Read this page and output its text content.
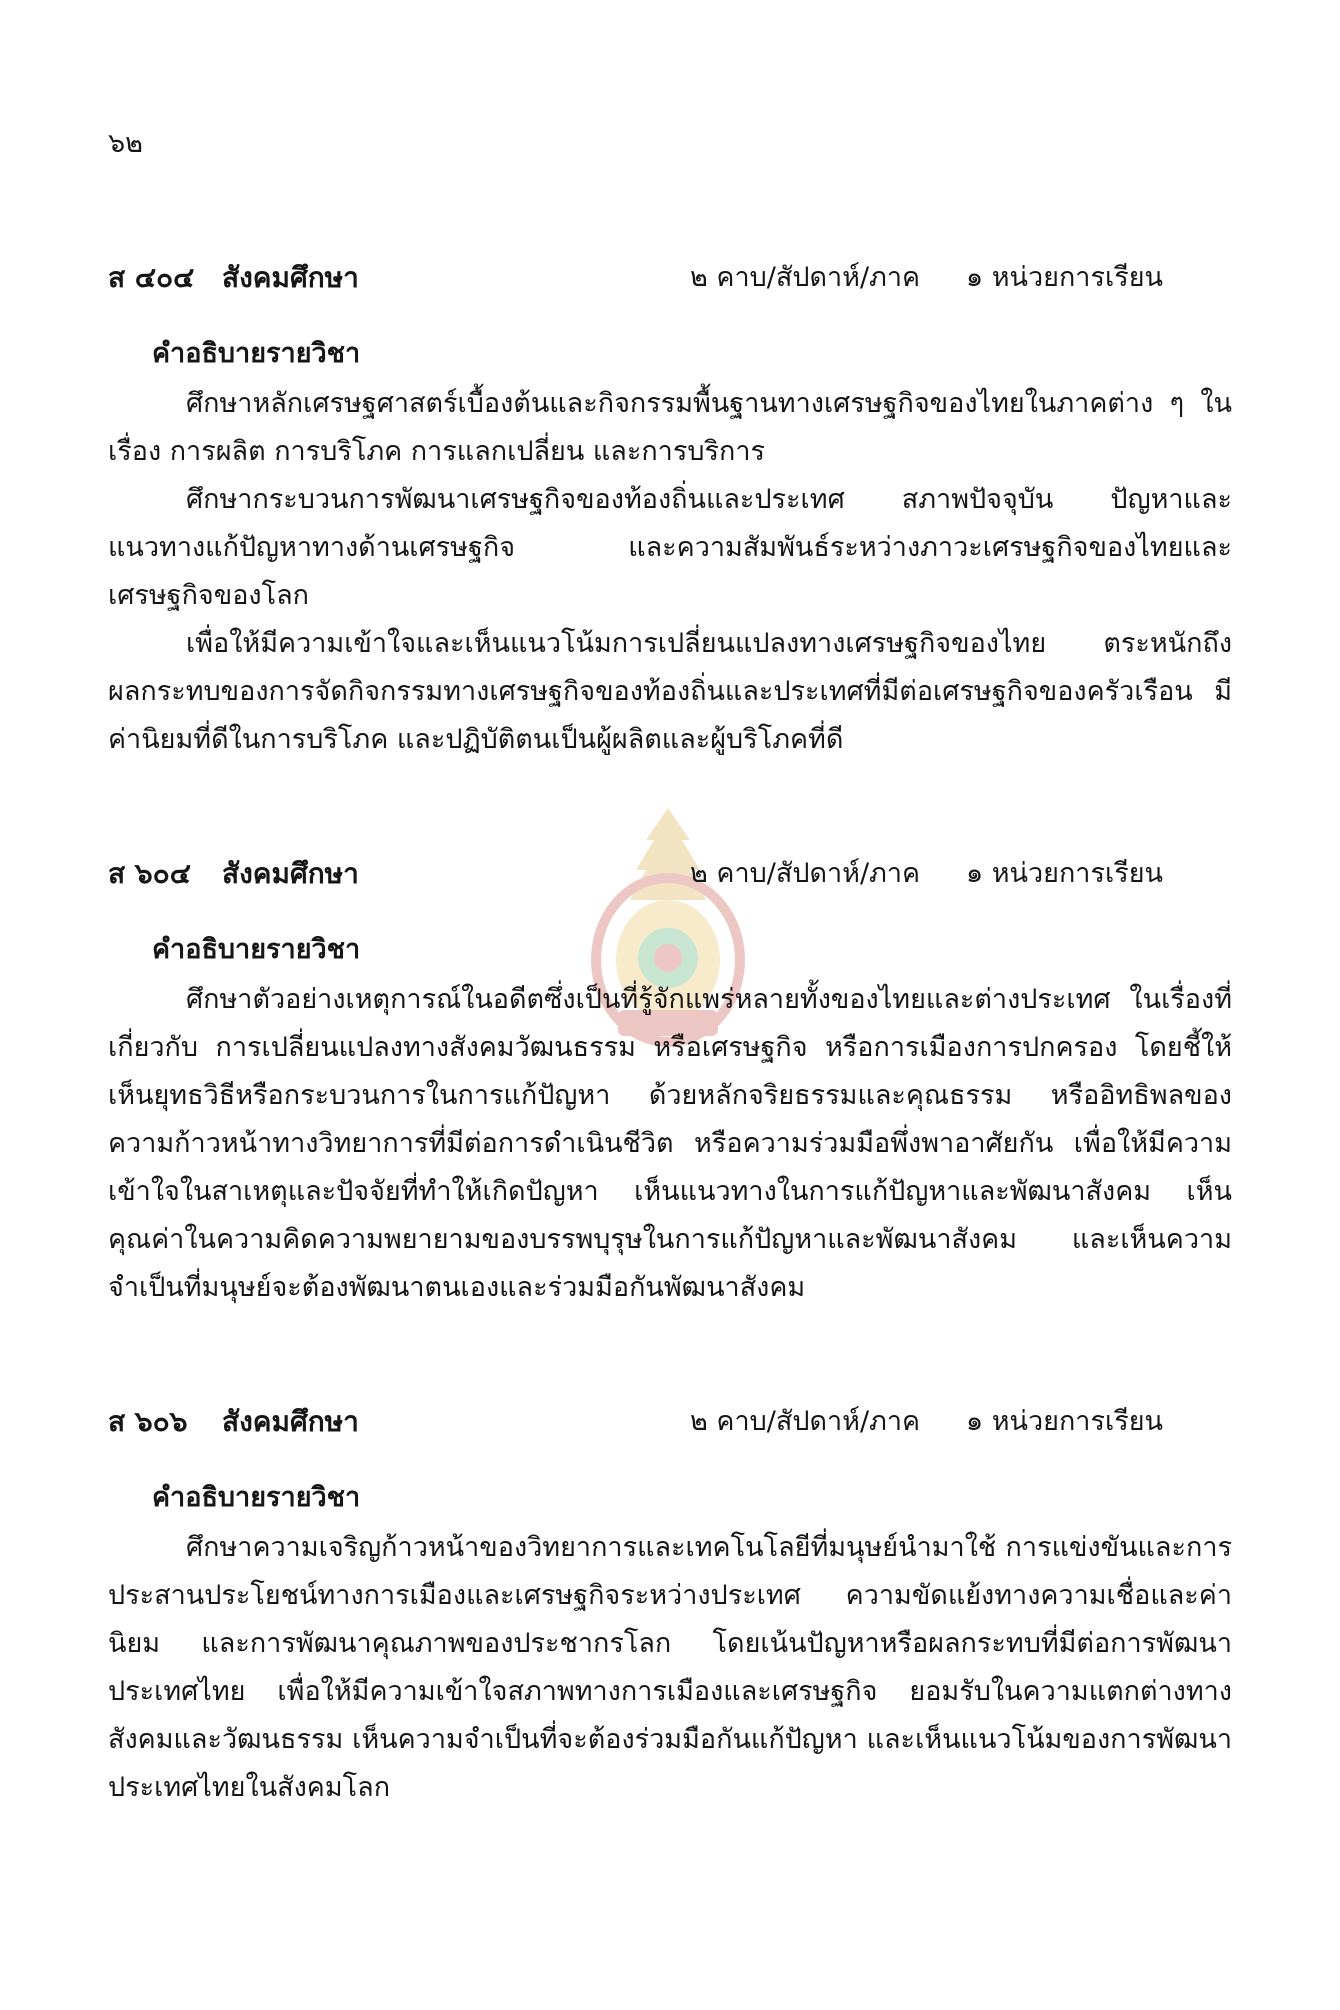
๖๒
ส ๔๐๔ สังคมศึกษา	๒ คาบ/สัปดาห์/ภาค ๑ หน่วยการเรียน
คำอธิบายรายวิชา

ศึกษาหลักเศรษฐศาสตร์เบื้องต้นและกิจกรรมพื้นฐานทางเศรษฐกิจของไทยในภาคต่าง ๆ ในเรื่อง การผลิต การบริโภค การแลกเปลี่ยน และการบริการ

ศึกษากระบวนการพัฒนาเศรษฐกิจของท้องถิ่นและประเทศ สภาพปัจจุบัน ปัญหาและแนวทางแก้ปัญหาทางด้านเศรษฐกิจ และความสัมพันธ์ระหว่างภาวะเศรษฐกิจของไทยและเศรษฐกิจของโลก

เพื่อให้มีความเข้าใจและเห็นแนวโน้มการเปลี่ยนแปลงทางเศรษฐกิจของไทย ตระหนักถึงผลกระทบของการจัดกิจกรรมทางเศรษฐกิจของท้องถิ่นและประเทศที่มีต่อเศรษฐกิจของครัวเรือน มีค่านิยมที่ดีในการบริโภค และปฏิบัติตนเป็นผู้ผลิตและผู้บริโภคที่ดี

ส ๖๐๔ สังคมศึกษา	๒ คาบ/สัปดาห์/ภาค ๑ หน่วยการเรียน
คำอธิบายรายวิชา

ศึกษาตัวอย่างเหตุการณ์ในอดีตซึ่งเป็นที่รู้จักแพร่หลายทั้งของไทยและต่างประเทศ ในเรื่องที่เกี่ยวกับ การเปลี่ยนแปลงทางสังคมวัฒนธรรม หรือเศรษฐกิจ หรือการเมืองการปกครอง โดยชี้ให้เห็นยุทธวิธีหรือกระบวนการในการแก้ปัญหา ด้วยหลักจริยธรรมและคุณธรรม หรืออิทธิพลของความก้าวหน้าทางวิทยาการที่มีต่อการดำเนินชีวิต หรือความร่วมมือพึ่งพาอาศัยกัน เพื่อให้มีความเข้าใจในสาเหตุและปัจจัยที่ทำให้เกิดปัญหา เห็นแนวทางในการแก้ปัญหาและพัฒนาสังคม เห็นคุณค่าในความคิดความพยายามของบรรพบุรุษในการแก้ปัญหาและพัฒนาสังคม และเห็นความจำเป็นที่มนุษย์จะต้องพัฒนาตนเองและร่วมมือกันพัฒนาสังคม

ส ๖๐๖ สังคมศึกษา	๒ คาบ/สัปดาห์/ภาค ๑ หน่วยการเรียน
คำอธิบายรายวิชา

ศึกษาความเจริญก้าวหน้าของวิทยาการและเทคโนโลยีที่มนุษย์นำมาใช้ การแข่งขันและการประสานประโยชน์ทางการเมืองและเศรษฐกิจระหว่างประเทศ ความขัดแย้งทางความเชื่อและค่านิยม และการพัฒนาคุณภาพของประชากรโลก โดยเน้นปัญหาหรือผลกระทบที่มีต่อการพัฒนาประเทศไทย เพื่อให้มีความเข้าใจสภาพทางการเมืองและเศรษฐกิจ ยอมรับในความแตกต่างทางสังคมและวัฒนธรรม เห็นความจำเป็นที่จะต้องร่วมมือกันแก้ปัญหา และเห็นแนวโน้มของการพัฒนาประเทศไทยในสังคมโลก
